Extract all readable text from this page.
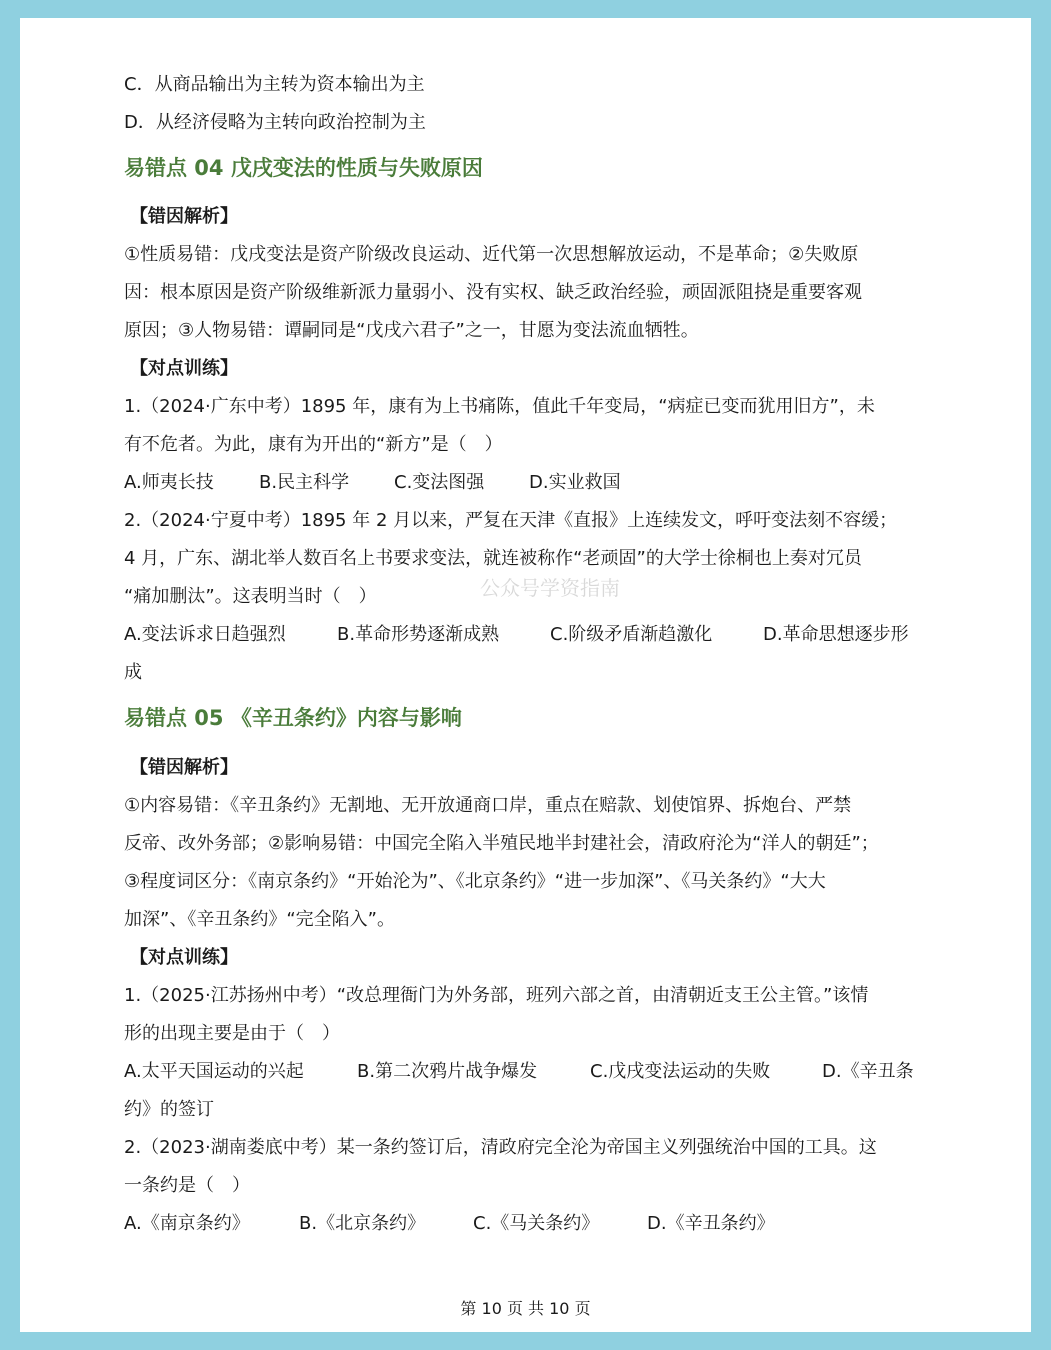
C．从商品输出为主转为资本输出为主
D．从经济侵略为主转向政治控制为主
易错点 04 戊戌变法的性质与失败原因
【错因解析】
①性质易错：戊戌变法是资产阶级改良运动、近代第一次思想解放运动，不是革命；②失败原
因：根本原因是资产阶级维新派力量弱小、没有实权、缺乏政治经验，顽固派阻挠是重要客观
原因；③人物易错：谭嗣同是“戊戌六君子”之一，甘愿为变法流血牺牲。
【对点训练】
1.（2024·广东中考）1895 年，康有为上书痛陈，值此千年变局，“病症已变而犹用旧方”，未
有不危者。为此，康有为开出的“新方”是（　）
A.师夷长技	B.民主科学 C.变法图强 D.实业救国
2.（2024·宁夏中考）1895 年 2 月以来，严复在天津《直报》上连续发文，呼吁变法刻不容缓；
4 月，广东、湖北举人数百名上书要求变法，就连被称作“老顽固”的大学士徐桐也上奏对冗员
“痛加删汰”。这表明当时（　）
A.变法诉求日趋强烈	B.革命形势逐渐成熟	C.阶级矛盾渐趋激化	D.革命思想逐步形
成
易错点 05 《辛丑条约》内容与影响
【错因解析】
①内容易错：《辛丑条约》无割地、无开放通商口岸，重点在赔款、划使馆界、拆炮台、严禁
反帝、改外务部；②影响易错：中国完全陷入半殖民地半封建社会，清政府沦为“洋人的朝廷”；
③程度词区分：《南京条约》“开始沦为”、《北京条约》“进一步加深”、《马关条约》“大大
加深”、《辛丑条约》“完全陷入”。
【对点训练】
1.（2025·江苏扬州中考）“改总理衙门为外务部，班列六部之首，由清朝近支王公主管。”该情
形的出现主要是由于（　）
A.太平天国运动的兴起	B.第二次鸦片战争爆发	C.戊戌变法运动的失败	D.《辛丑条
约》的签订
2.（2023·湖南娄底中考）某一条约签订后，清政府完全沦为帝国主义列强统治中国的工具。这
一条约是（　）
A.《南京条约》	B.《北京条约》	C.《马关条约》	D.《辛丑条约》
公众号学资指南
第 10 页 共 10 页
